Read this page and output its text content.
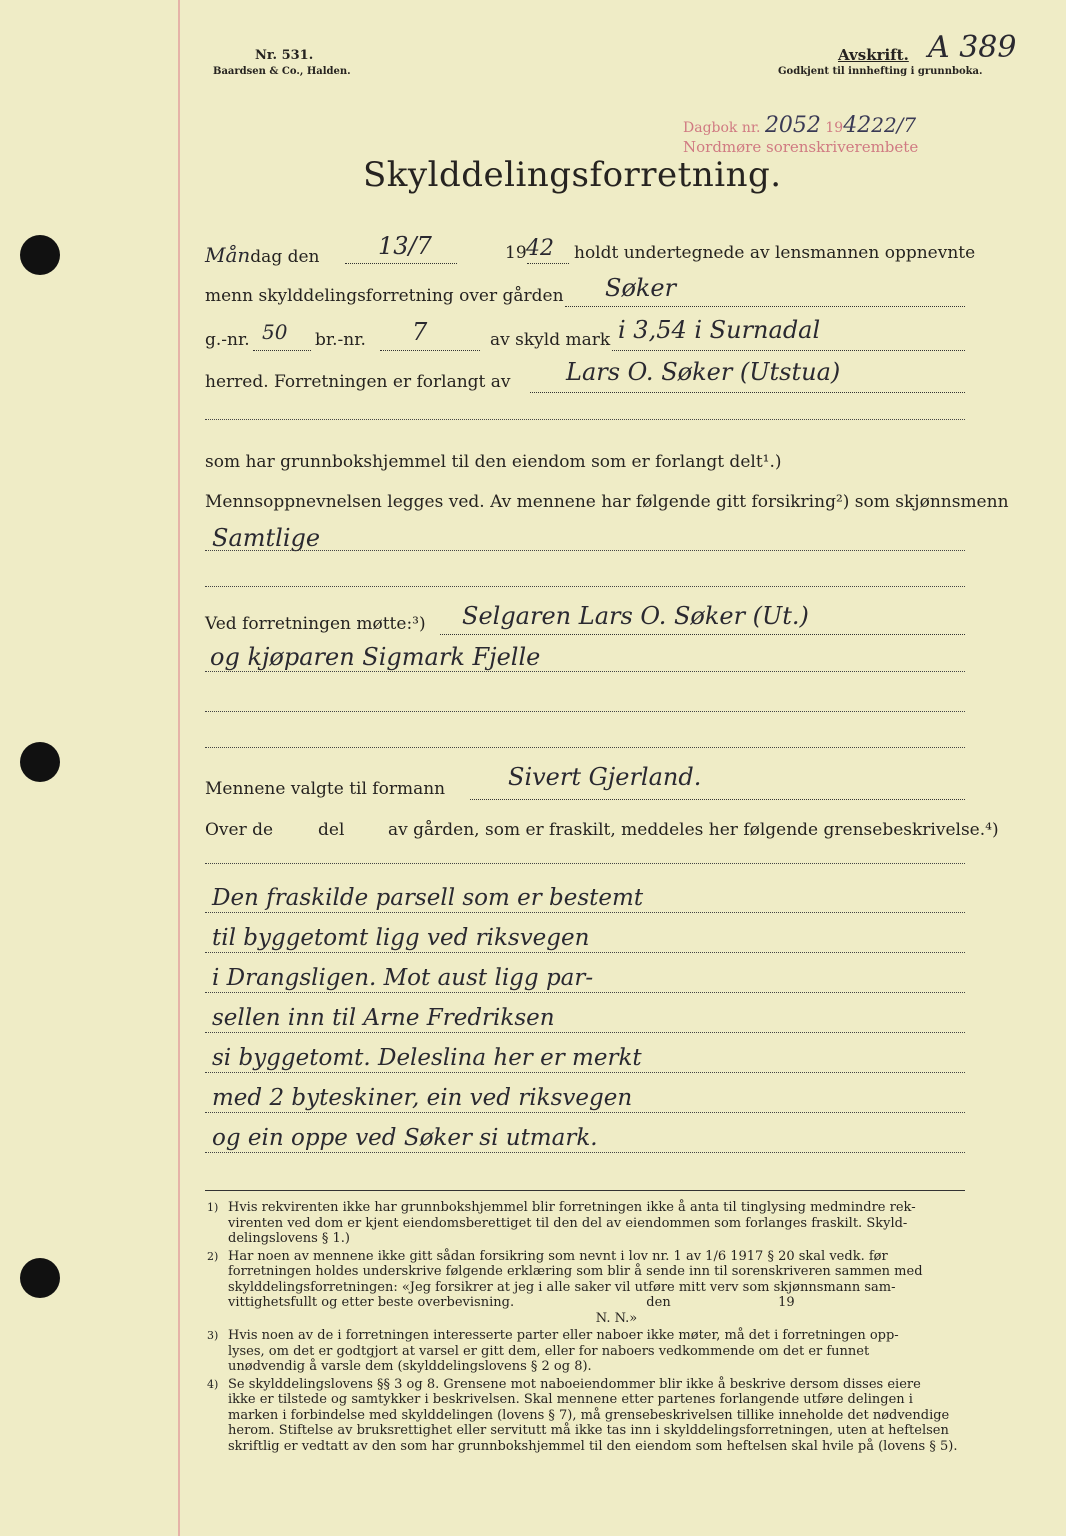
Nr. 531.
Baardsen & Co., Halden.
Avskrift.
Godkjent til innhefting i grunnboka.
A 389
Dagbok nr. 2052 194222/7
Nordmøre sorenskriverembete
Skylddelingsforretning.
Måndag den 13/7	19 42 holdt undertegnede av lensmannen oppnevnte
menn skylddelingsforretning over gården Søker
g.-nr. 50 br.-nr. 7	av skyld mark i 3,54 i Surnadal
herred. Forretningen er forlangt av Lars O. Søker (Utstua)
som har grunnbokshjemmel til den eiendom som er forlangt delt¹.)
Mennsoppnevnelsen legges ved. Av mennene har følgende gitt forsikring²) som skjønnsmenn
Samtlige
Ved forretningen møtte:³) Selgaren Lars O. Søker (Ut.)
og kjøparen Sigmark Fjelle
Mennene valgte til formann	Sivert Gjerland.
Over de	del	av gården, som er fraskilt, meddeles her følgende grensebeskrivelse.⁴)
Den fraskilde parsell som er bestemt
til byggetomt ligg ved riksvegen
i Drangsligen. Mot aust ligg par-
sellen inn til Arne Fredriksen
si byggetomt. Deleslina her er merkt
med 2 byteskiner, ein ved riksvegen
og ein oppe ved Søker si utmark.
1) Hvis rekvirenten ikke har grunnbokshjemmel blir forretningen ikke å anta til tinglysing medmindre rek-
virenten ved dom er kjent eiendomsberettiget til den del av eiendommen som forlanges fraskilt. Skyld-
delingslovens § 1.)
2) Har noen av mennene ikke gitt sådan forsikring som nevnt i lov nr. 1 av 1/6 1917 § 20 skal vedk. før
forretningen holdes underskrive følgende erklæring som blir å sende inn til sorenskriveren sammen med
skylddelingsforretningen: «Jeg forsikrer at jeg i alle saker vil utføre mitt verv som skjønnsmann sam-
vittighetsfullt og etter beste overbevisning.                                den                          19
N. N.»
3) Hvis noen av de i forretningen interesserte parter eller naboer ikke møter, må det i forretningen opp-
lyses, om det er godtgjort at varsel er gitt dem, eller for naboers vedkommende om det er funnet
unødvendig å varsle dem (skylddelingslovens § 2 og 8).
4) Se skylddelingslovens §§ 3 og 8. Grensene mot naboeiendommer blir ikke å beskrive dersom disses eiere
ikke er tilstede og samtykker i beskrivelsen. Skal mennene etter partenes forlangende utføre delingen i
marken i forbindelse med skylddelingen (lovens § 7), må grensebeskrivelsen tillike inneholde det nødvendige
herom. Stiftelse av bruksrettighet eller servitutt må ikke tas inn i skylddelingsforretningen, uten at heftelsen
skriftlig er vedtatt av den som har grunnbokshjemmel til den eiendom som heftelsen skal hvile på (lovens § 5).
